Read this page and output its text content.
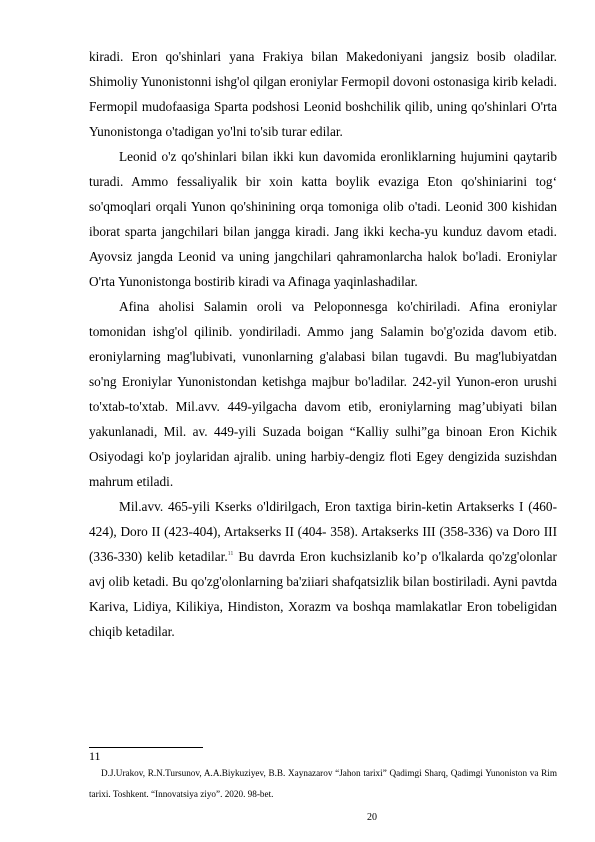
kiradi. Eron qo'shinlari yana Frakiya bilan Makedoniyani jangsiz bosib oladilar. Shimoliy Yunonistonni ishg'ol qilgan eroniylar Fermopil dovoni ostonasiga kirib keladi. Fermopil mudofaasiga Sparta podshosi Leonid boshchilik qilib, uning qo'shinlari O'rta Yunonistonga o'tadigan yo'lni to'sib turar edilar.

Leonid o'z qo'shinlari bilan ikki kun davomida eronliklarning hujumini qaytarib turadi. Ammo fessaliyalik bir xoin katta boylik evaziga Eton qo'shiniarini tog‘ so'qmoqlari orqali Yunon qo'shinining orqa tomoniga olib o'tadi. Leonid 300 kishidan iborat sparta jangchilari bilan jangga kiradi. Jang ikki kecha-yu kunduz davom etadi. Ayovsiz jangda Leonid va uning jangchilari qahramonlarcha halok bo'ladi. Eroniylar O'rta Yunonistonga bostirib kiradi va Afinaga yaqinlashadilar.

Afina aholisi Salamin oroli va Peloponnesga ko'chiriladi. Afina eroniylar tomonidan ishg'ol qilinib. yondiriladi. Ammo jang Salamin bo'g'ozida davom etib. eroniylarning mag'lubivati, vunonlarning g'alabasi bilan tugavdi. Bu mag'lubiyatdan so'ng Eroniylar Yunonistondan ketishga majbur bo'ladilar. 242-yil Yunon-eron urushi to'xtab-to'xtab. Mil.avv. 449-yilgacha davom etib, eroniylarning mag’ubiyati bilan yakunlanadi, Mil. av. 449-yili Suzada boigan “Kalliy sulhi”ga binoan Eron Kichik Osiyodagi ko'p joylaridan ajralib. uning harbiy-dengiz floti Egey dengizida suzishdan mahrum etiladi.

Mil.avv. 465-yili Kserks o'ldirilgach, Eron taxtiga birin-ketin Artakserks I (460-424), Doro II (423-404), Artakserks II (404- 358). Artakserks III (358-336) va Doro III (336-330) kelib ketadilar.$^{11}$ Bu davrda Eron kuchsizlanib ko’p o'lkalarda qo'zg'olonlar avj olib ketadi. Bu qo'zg'olonlarning ba'ziiari shafqatsizlik bilan bostiriladi. Ayni pavtda Kariva, Lidiya, Kilikiya, Hindiston, Xorazm va boshqa mamlakatlar Eron tobeligidan chiqib ketadilar.

11
D.J.Urakov, R.N.Tursunov, A.A.Biykuziyev, B.B. Xaynazarov “Jahon tarixi” Qadimgi Sharq, Qadimgi Yunoniston va Rim tarixi. Toshkent. “Innovatsiya ziyo”. 2020. 98-bet.
20
